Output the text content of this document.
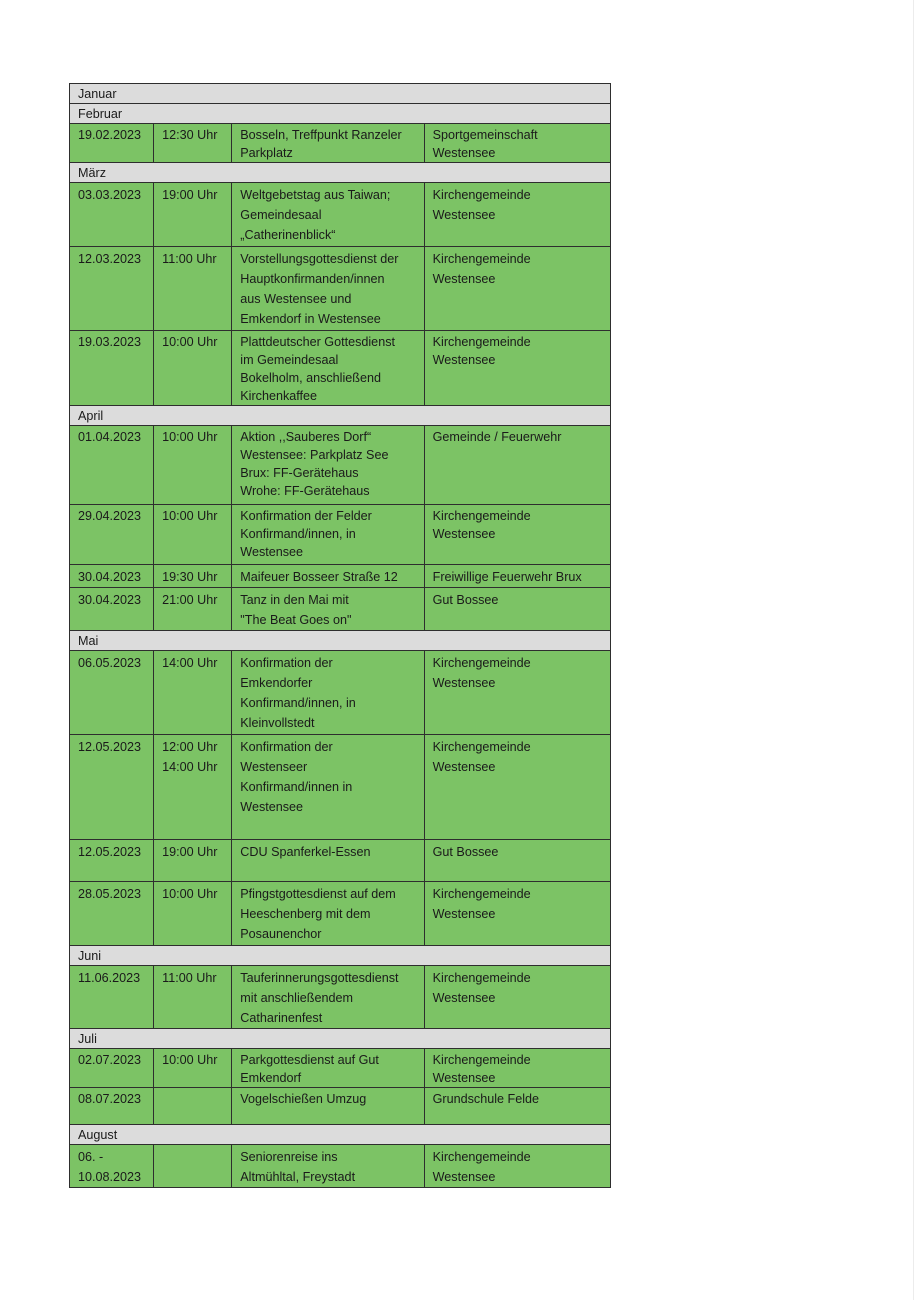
Januar			
Februar			

19.02.2023	12:30 Uhr	Bosseln, Treffpunkt Ranzeler
Parkplatz	Sportgemeinschaft
Westensee

März			

03.03.2023	19:00 Uhr	Weltgebetstag aus Taiwan;
Gemeindesaal
„Catherinenblick“	Kirchengemeinde
Westensee

12.03.2023	11:00 Uhr	Vorstellungsgottesdienst der
Hauptkonfirmanden/innen
aus Westensee und
Emkendorf in Westensee	Kirchengemeinde
Westensee

19.03.2023	10:00 Uhr	Plattdeutscher Gottesdienst
im Gemeindesaal
Bokelholm, anschließend
Kirchenkaffee	Kirchengemeinde
Westensee

April			

01.04.2023	10:00 Uhr	Aktion ,,Sauberes Dorf“
Westensee: Parkplatz See
Brux: FF-Gerätehaus
Wrohe: FF-Gerätehaus	Gemeinde / Feuerwehr

29.04.2023	10:00 Uhr	Konfirmation der Felder
Konfirmand/innen, in
Westensee	Kirchengemeinde
Westensee

30.04.2023	19:30 Uhr	Maifeuer Bosseer Straße 12	Freiwillige Feuerwehr Brux

30.04.2023	21:00 Uhr	Tanz in den Mai mit
"The Beat Goes on"	Gut Bossee

Mai			

06.05.2023	14:00 Uhr	Konfirmation der
Emkendorfer
Konfirmand/innen, in
Kleinvollstedt	Kirchengemeinde
Westensee

12.05.2023	12:00 Uhr
14:00 Uhr	Konfirmation der
Westenseer
Konfirmand/innen in
Westensee	Kirchengemeinde
Westensee

12.05.2023	19:00 Uhr	CDU Spanferkel-Essen	Gut Bossee

28.05.2023	10:00 Uhr	Pfingstgottesdienst auf dem
Heeschenberg mit dem
Posaunenchor	Kirchengemeinde
Westensee

Juni			

11.06.2023	11:00 Uhr	Tauferinnerungsgottesdienst
mit anschließendem
Catharinenfest	Kirchengemeinde
Westensee

Juli			

02.07.2023	10:00 Uhr	Parkgottesdienst auf Gut
Emkendorf	Kirchengemeinde
Westensee

08.07.2023		Vogelschießen Umzug	Grundschule Felde

August			

06. -
10.08.2023		Seniorenreise ins
Altmühltal, Freystadt	Kirchengemeinde
Westensee
